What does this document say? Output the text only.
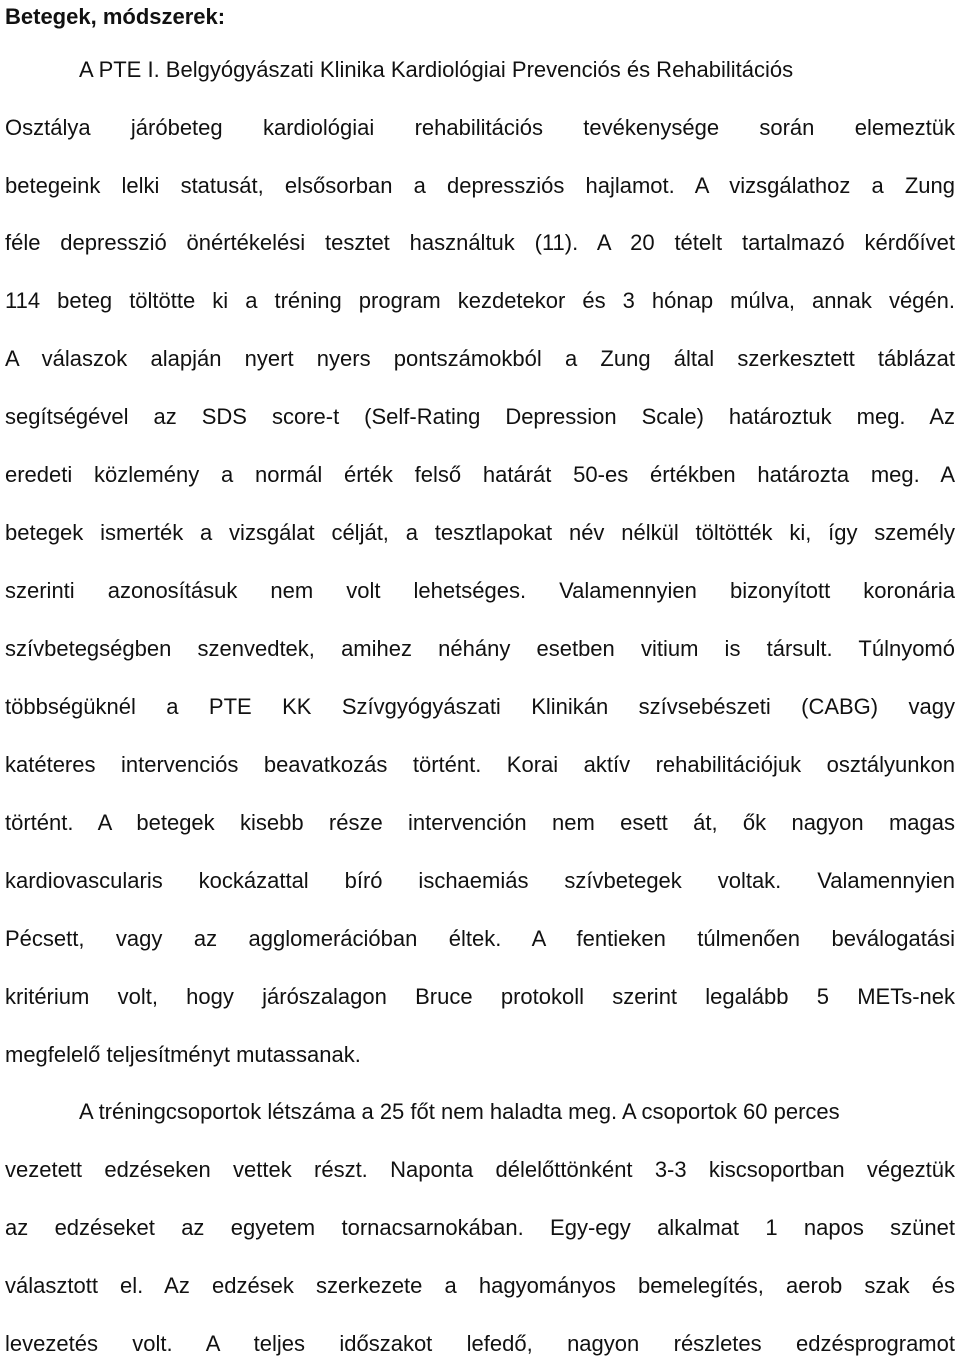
Betegek, módszerek:

A PTE I. Belgyógyászati Klinika Kardiológiai Prevenciós és Rehabilitációs

Osztálya járóbeteg kardiológiai rehabilitációs tevékenysége során elemeztük

betegeink lelki statusát, elsősorban a depressziós hajlamot. A vizsgálathoz a Zung

féle depresszió önértékelési tesztet használtuk (11). A 20 tételt tartalmazó kérdőívet

114 beteg töltötte ki a tréning program kezdetekor és 3 hónap múlva, annak végén.

A válaszok alapján nyert nyers pontszámokból a Zung által szerkesztett táblázat

segítségével az SDS score-t (Self-Rating Depression Scale) határoztuk meg. Az

eredeti közlemény a normál érték felső határát 50-es értékben határozta meg. A

betegek ismerték a vizsgálat célját, a tesztlapokat név nélkül töltötték ki, így személy

szerinti azonosításuk nem volt lehetséges. Valamennyien bizonyított koronária

szívbetegségben szenvedtek, amihez néhány esetben vitium is társult. Túlnyomó

többségüknél a PTE KK Szívgyógyászati Klinikán szívsebészeti (CABG) vagy

katéteres intervenciós beavatkozás történt. Korai aktív rehabilitációjuk osztályunkon

történt. A betegek kisebb része intervención nem esett át, ők nagyon magas

kardiovascularis kockázattal bíró ischaemiás szívbetegek voltak. Valamennyien

Pécsett, vagy az agglomerációban éltek. A fentieken túlmenően beválogatási

kritérium volt, hogy járószalagon Bruce protokoll szerint legalább 5 METs-nek

megfelelő teljesítményt mutassanak.

A tréningcsoportok létszáma a 25 főt nem haladta meg. A csoportok 60 perces

vezetett edzéseken vettek részt. Naponta délelőttönként 3-3 kiscsoportban végeztük

az edzéseket az egyetem tornacsarnokában. Egy-egy alkalmat 1 napos szünet

választott el. Az edzések szerkezete a hagyományos bemelegítés, aerob szak és

levezetés volt. A teljes időszakot lefedő, nagyon részletes edzésprogramot
